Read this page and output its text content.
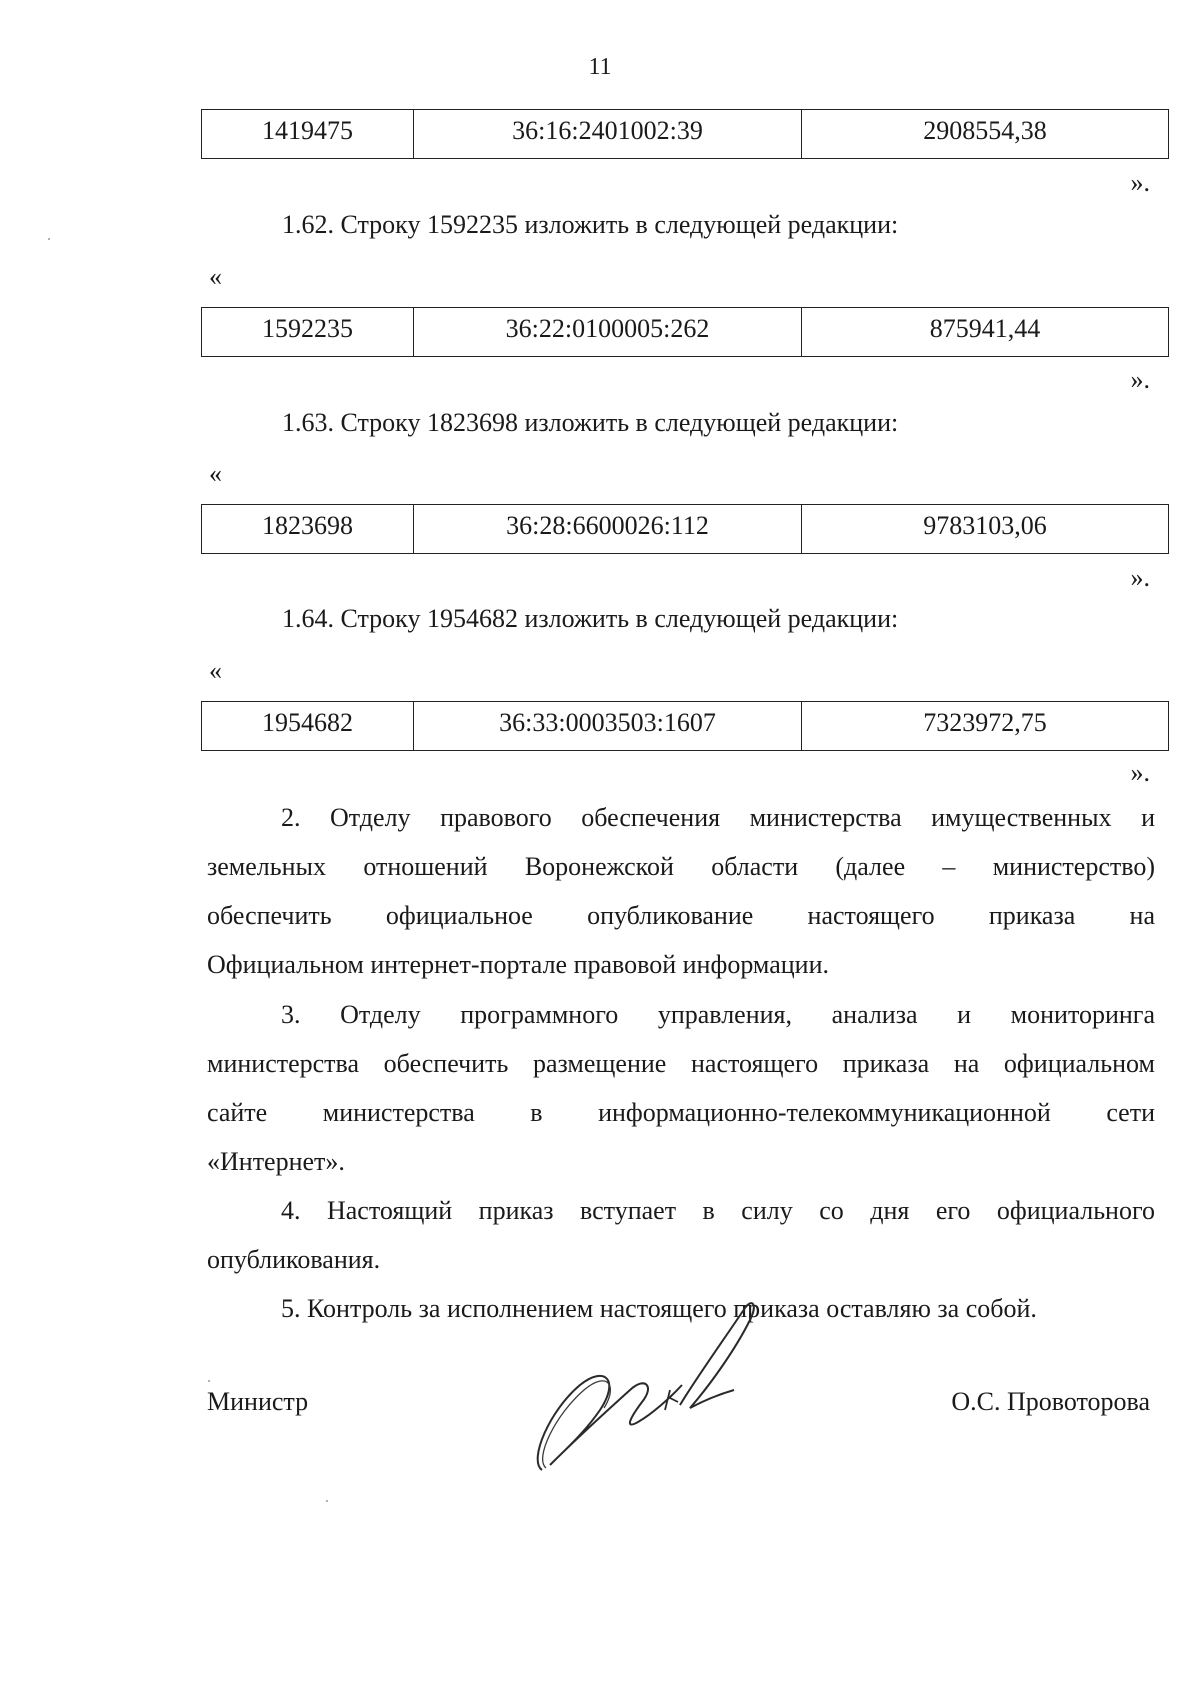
11
1419475	36:16:2401002:39	2908554,38
».
1.62. Строку 1592235 изложить в следующей редакции:
«
1592235	36:22:0100005:262	875941,44
».
1.63. Строку 1823698 изложить в следующей редакции:
«
1823698	36:28:6600026:112	9783103,06
».
1.64. Строку 1954682 изложить в следующей редакции:
«
1954682	36:33:0003503:1607	7323972,75
».
2. Отделу правового обеспечения министерства имущественных и
земельных отношений Воронежской области (далее – министерство)
обеспечить официальное опубликование настоящего приказа на
Официальном интернет-портале правовой информации.
3. Отделу программного управления, анализа и мониторинга
министерства обеспечить размещение настоящего приказа на официальном
сайте министерства в информационно-телекоммуникационной сети
«Интернет».
4. Настоящий приказ вступает в силу со дня его официального
опубликования.
5. Контроль за исполнением настоящего приказа оставляю за собой.
Министр	О.С. Провоторова
